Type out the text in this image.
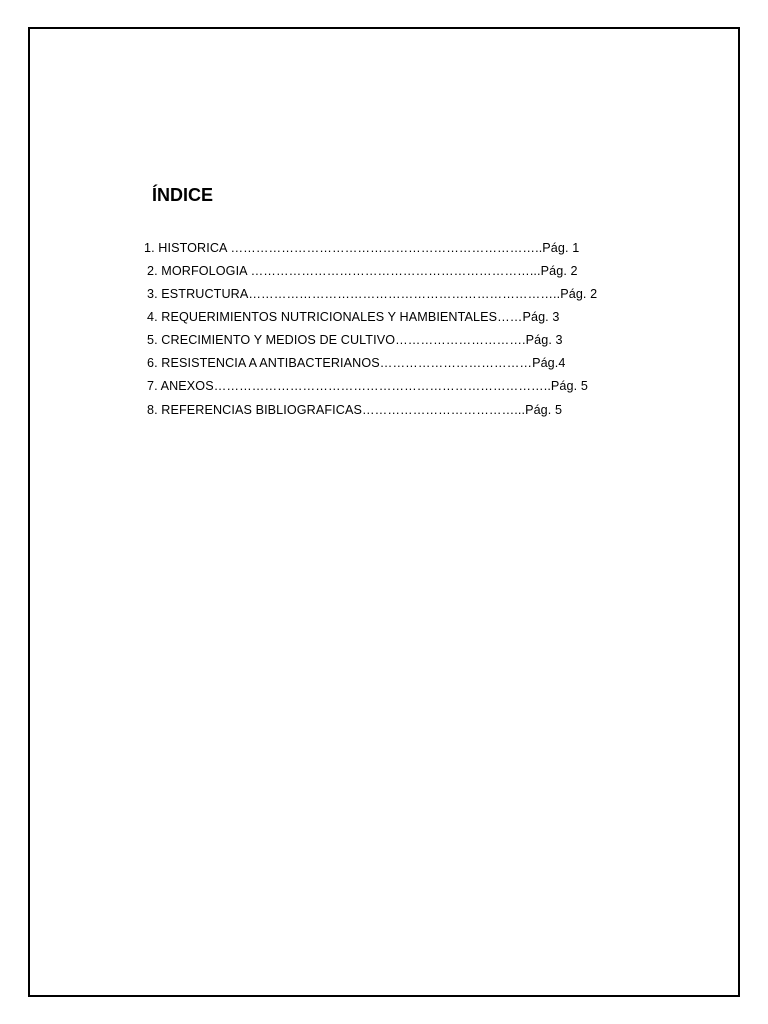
ÍNDICE
1. HISTORICA ………………………………………………………………..Pág. 1
2. MORFOLOGIA …………………………………………………………...Pág. 2
3. ESTRUCTURA………………………………………………………………..Pág. 2
4. REQUERIMIENTOS NUTRICIONALES Y HAMBIENTALES……Pág. 3
5. CRECIMIENTO Y MEDIOS DE CULTIVO………………………….Pág. 3
6. RESISTENCIA A ANTIBACTERIANOS………………………………Pág.4
7. ANEXOS……………………………………………………………………..Pág. 5
8. REFERENCIAS BIBLIOGRAFICAS………………………………...Pág. 5
